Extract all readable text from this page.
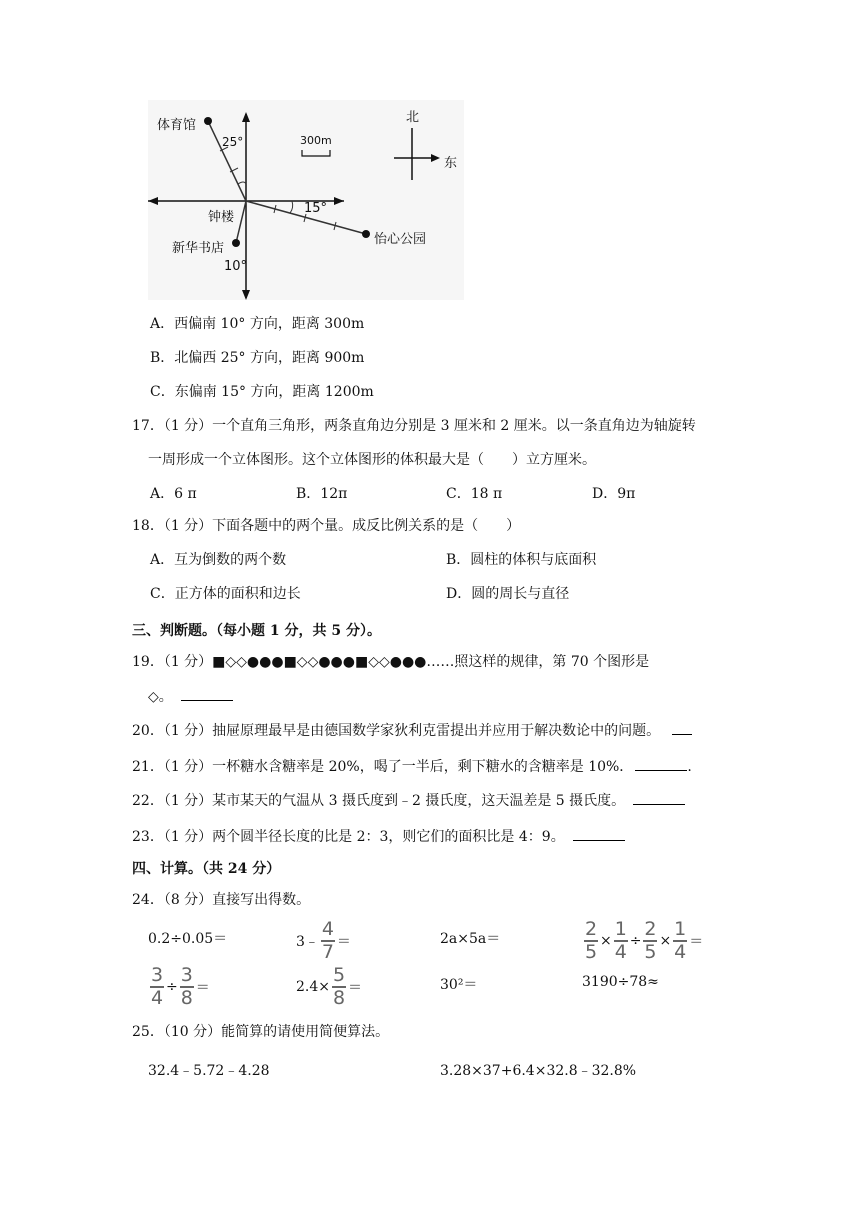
体育馆
25°	300m
钟楼
15°
新华书店
怡心公园
10°
北
东
A．西偏南 10° 方向，距离 300m
B．北偏西 25° 方向，距离 900m
C．东偏南 15° 方向，距离 1200m
17．（1 分）一个直角三角形，两条直角边分别是 3 厘米和 2 厘米。以一条直角边为轴旋转
一周形成一个立体图形。这个立体图形的体积最大是（　　）立方厘米。
A．6 π	B．12π	C．18 π	D．9π
18．（1 分）下面各题中的两个量。成反比例关系的是（　　）
A．互为倒数的两个数	B．圆柱的体积与底面积
C．正方体的面积和边长	D．圆的周长与直径
三、判断题。（每小题 1 分，共 5 分）。
19．（1 分）■◇◇●●●■◇◇●●●■◇◇●●●……照这样的规律，第 70 个图形是
◇。
20．（1 分）抽屉原理最早是由德国数学家狄利克雷提出并应用于解决数论中的问题。
21．（1 分）一杯糖水含糖率是 20%，喝了一半后，剩下糖水的含糖率是 10%．	.
22．（1 分）某市某天的气温从 3 摄氏度到﹣2 摄氏度，这天温差是 5 摄氏度。
23．（1 分）两个圆半径长度的比是 2：3，则它们的面积比是 4：9。
四、计算。（共 24 分）
24．（8 分）直接写出得数。
0.2÷0.05＝	3﹣ $\frac{4}{7}$ ＝	2a×5a＝	$\frac{2}{5} \times \frac{1}{4} \div \frac{2}{5} \times \frac{1}{4}$ ＝
$\frac{3}{4} \div \frac{3}{8}$ ＝	$2.4\times \frac{5}{8}$ ＝	30²＝	3190÷78≈
25．（10 分）能简算的请使用简便算法。
32.4﹣5.72﹣4.28	3.28×37+6.4×32.8﹣32.8%
